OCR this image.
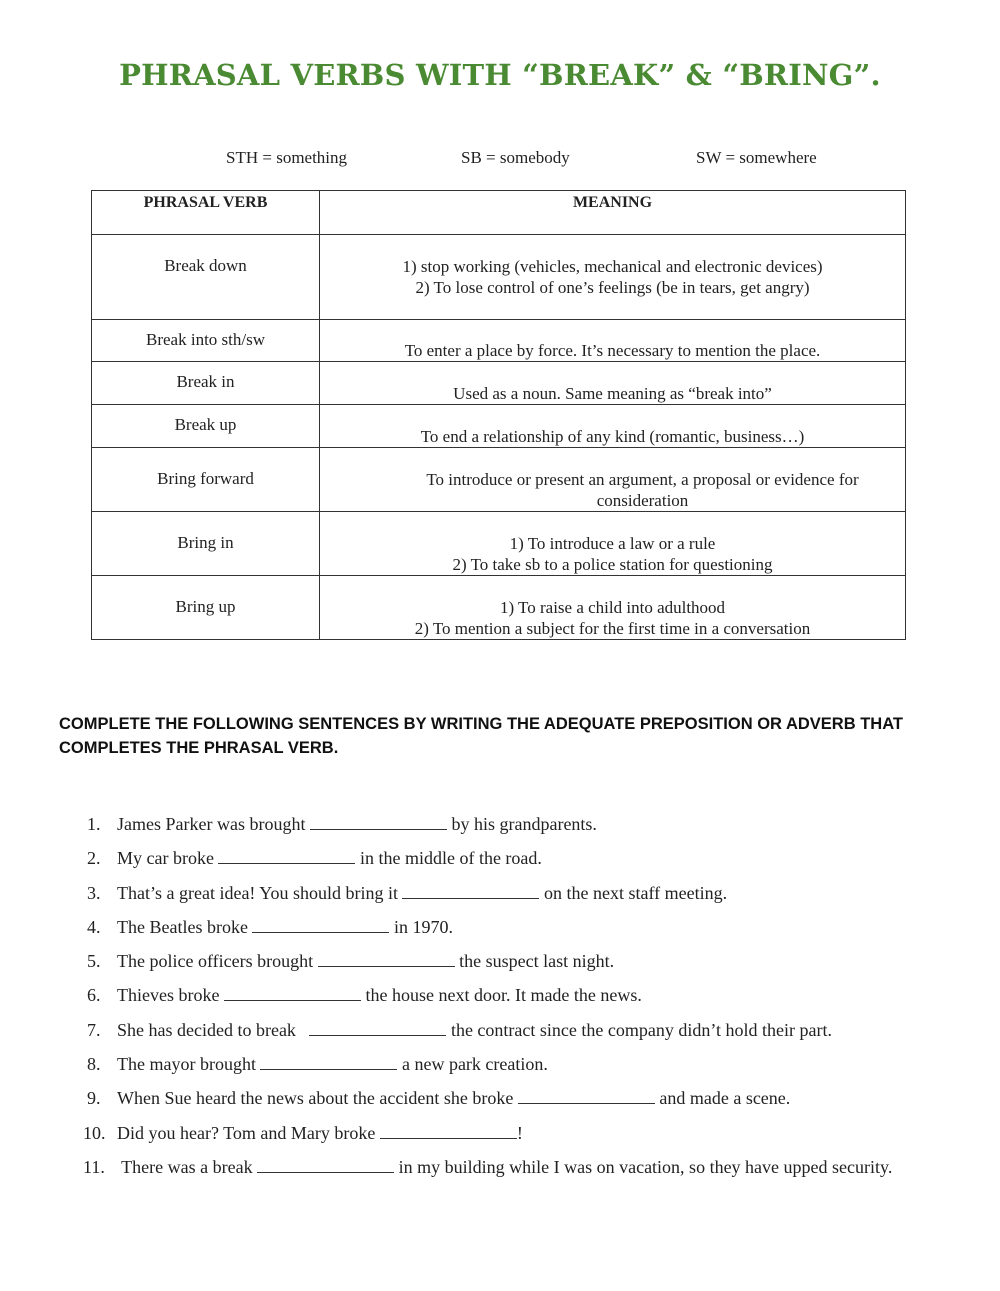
PHRASAL VERBS WITH “BREAK” & “BRING”.
STH = something	SB = somebody	SW = somewhere
PHRASAL VERB	MEANING
Break down	1) stop working (vehicles, mechanical and electronic devices)
2) To lose control of one’s feelings (be in tears, get angry)

Break into sth/sw	To enter a place by force. It’s necessary to mention the place.

Break in	Used as a noun. Same meaning as “break into”

Break up	To end a relationship of any kind (romantic, business…)

Bring forward	To introduce or present an argument, a proposal or evidence for consideration

Bring in	1) To introduce a law or a rule
2) To take sb to a police station for questioning

Bring up	1) To raise a child into adulthood
2) To mention a subject for the first time in a conversation
COMPLETE THE FOLLOWING SENTENCES BY WRITING THE ADEQUATE PREPOSITION OR ADVERB THAT COMPLETES THE PHRASAL VERB.
1. James Parker was brought	by his grandparents.
2. My car broke	in the middle of the road.
3. That’s a great idea! You should bring it	on the next staff meeting.
4. The Beatles broke	in 1970.
5. The police officers brought	the suspect last night.
6. Thieves broke	the house next door. It made the news.
7. She has decided to break	the contract since the company didn’t hold their part.
8. The mayor brought	a new park creation.
9. When Sue heard the news about the accident she broke	and made a scene.
10. Did you hear? Tom and Mary broke	!
11. There was a break	in my building while I was on vacation, so they have upped security.
